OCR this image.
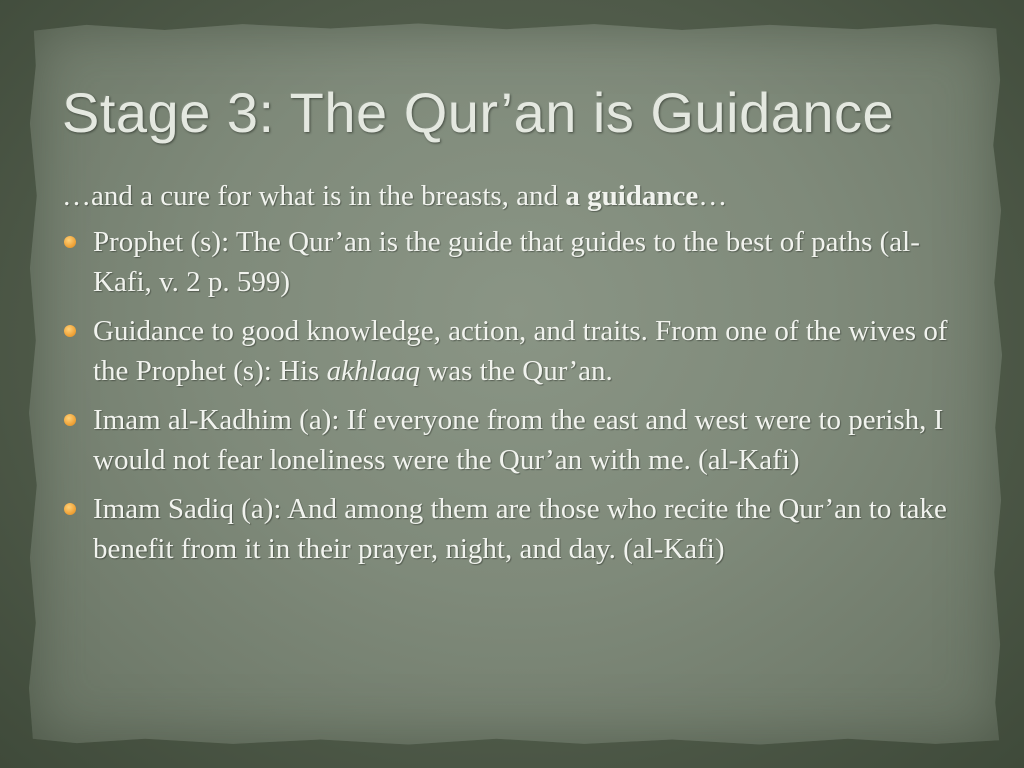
Stage 3: The Qur’an is Guidance

…and a cure for what is in the breasts, and a guidance…

Prophet (s): The Qur’an is the guide that guides to the best of paths (al-Kafi, v. 2 p. 599)
Guidance to good knowledge, action, and traits. From one of the wives of the Prophet (s): His akhlaaq was the Qur’an.
Imam al-Kadhim (a): If everyone from the east and west were to perish, I would not fear loneliness were the Qur’an with me. (al-Kafi)
Imam Sadiq (a): And among them are those who recite the Qur’an to take benefit from it in their prayer, night, and day. (al-Kafi)
